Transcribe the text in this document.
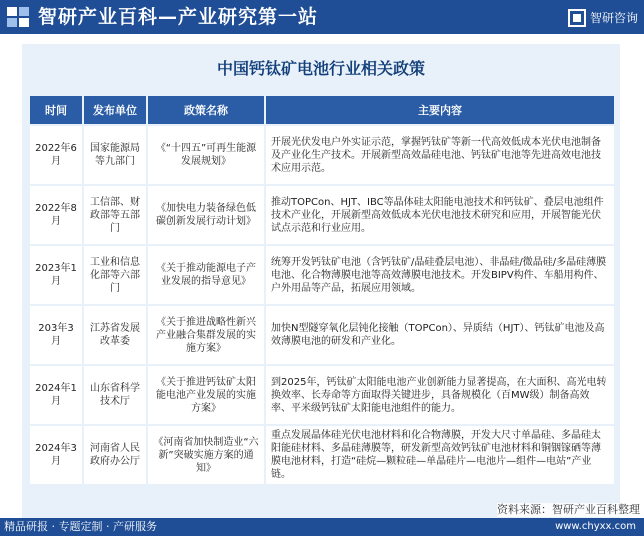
智研产业百科—产业研究第一站	智研咨询
中国钙钛矿电池行业相关政策
时间	发布单位	政策名称	主要内容
2022年6月	国家能源局等九部门	《“十四五”可再生能源发展规划》	开展光伏发电户外实证示范，掌握钙钛矿等新一代高效低成本光伏电池制备及产业化生产技术。开展新型高效晶硅电池、钙钛矿电池等先进高效电池技术应用示范。
2022年8月	工信部、财政部等五部门	《加快电力装备绿色低碳创新发展行动计划》	推动TOPCon、HJT、IBC等晶体硅太阳能电池技术和钙钛矿、叠层电池组件技术产业化，开展新型高效低成本光伏电池技术研究和应用，开展智能光伏试点示范和行业应用。
2023年1月	工业和信息化部等六部门	《关于推动能源电子产业发展的指导意见》	统筹开发钙钛矿电池（含钙钛矿/晶硅叠层电池）、非晶硅/微晶硅/多晶硅薄膜电池、化合物薄膜电池等高效薄膜电池技术。开发BIPV构件、车船用构件、户外用品等产品，拓展应用领域。
203年3月	江苏省发展改革委	《关于推进战略性新兴产业融合集群发展的实施方案》	加快N型隧穿氧化层钝化接触（TOPCon）、异质结（HJT）、钙钛矿电池及高效薄膜电池的研发和产业化。
2024年1月	山东省科学技术厅	《关于推进钙钛矿太阳能电池产业发展的实施方案》	到2025年，钙钛矿太阳能电池产业创新能力显著提高，在大面积、高光电转换效率、长寿命等方面取得关键进步，具备规模化（百MW级）制备高效率、平米级钙钛矿太阳能电池组件的能力。
2024年3月	河南省人民政府办公厅	《河南省加快制造业“六新”突破实施方案的通知》	重点发展晶体硅光伏电池材料和化合物薄膜，开发大尺寸单晶硅、多晶硅太阳能硅材料、多晶硅薄膜等，研发新型高效钙钛矿电池材料和铜铟镓硒等薄膜电池材料，打造“硅烷—颗粒硅—单晶硅片—电池片—组件—电站”产业链。
资料来源：智研产业百科整理
精品研报 · 专题定制 · 产研服务	www.chyxx.com
